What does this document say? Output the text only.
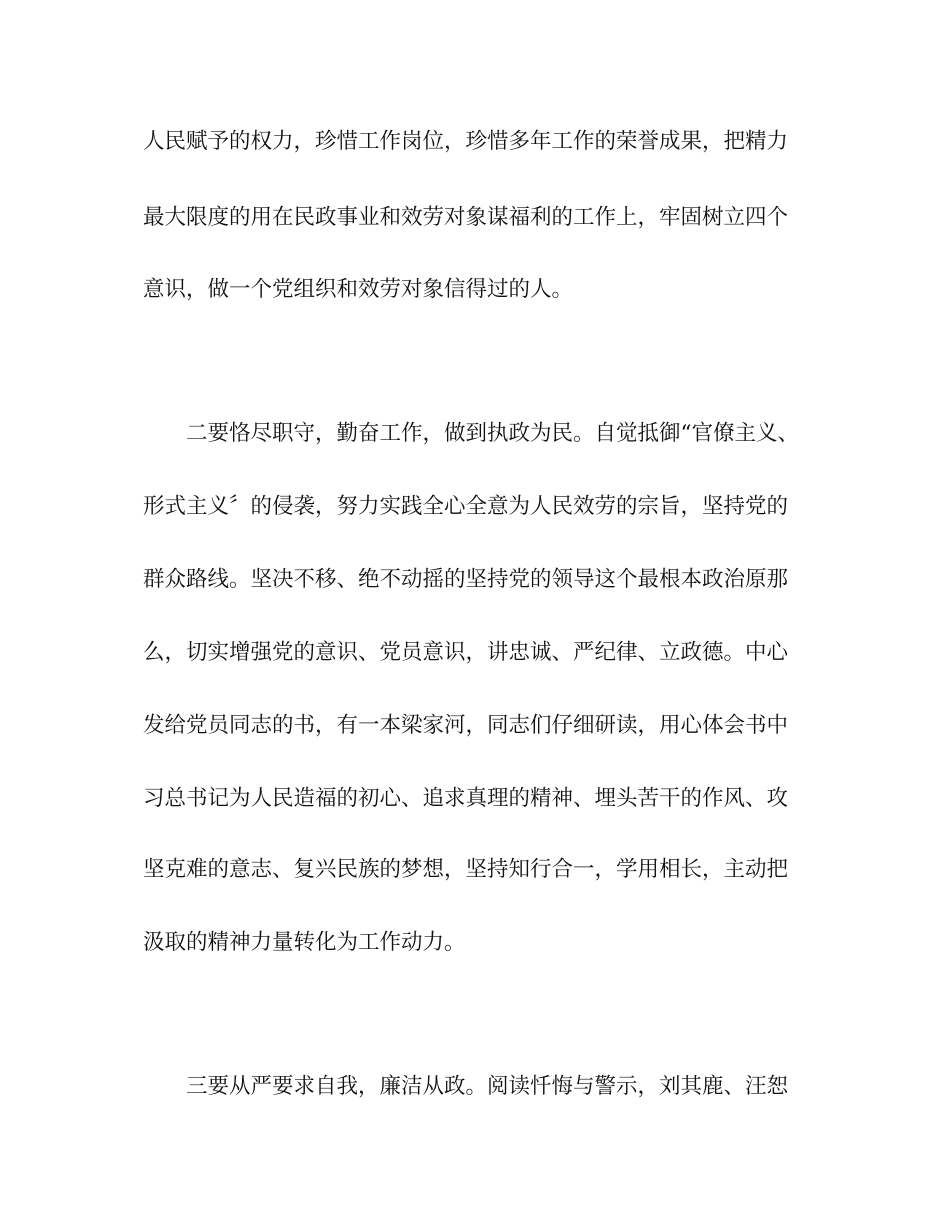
人民赋予的权力，珍惜工作岗位，珍惜多年工作的荣誉成果，把精力
最大限度的用在民政事业和效劳对象谋福利的工作上，牢固树立四个
意识，做一个党组织和效劳对象信得过的人。
二要恪尽职守，勤奋工作，做到执政为民。自觉抵御“官僚主义、
形式主义〞的侵袭，努力实践全心全意为人民效劳的宗旨，坚持党的
群众路线。坚决不移、绝不动摇的坚持党的领导这个最根本政治原那
么，切实增强党的意识、党员意识，讲忠诚、严纪律、立政德。中心
发给党员同志的书，有一本梁家河，同志们仔细研读，用心体会书中
习总书记为人民造福的初心、追求真理的精神、埋头苦干的作风、攻
坚克难的意志、复兴民族的梦想，坚持知行合一，学用相长，主动把
汲取的精神力量转化为工作动力。
三要从严要求自我，廉洁从政。阅读忏悔与警示，刘其鹿、汪恕
